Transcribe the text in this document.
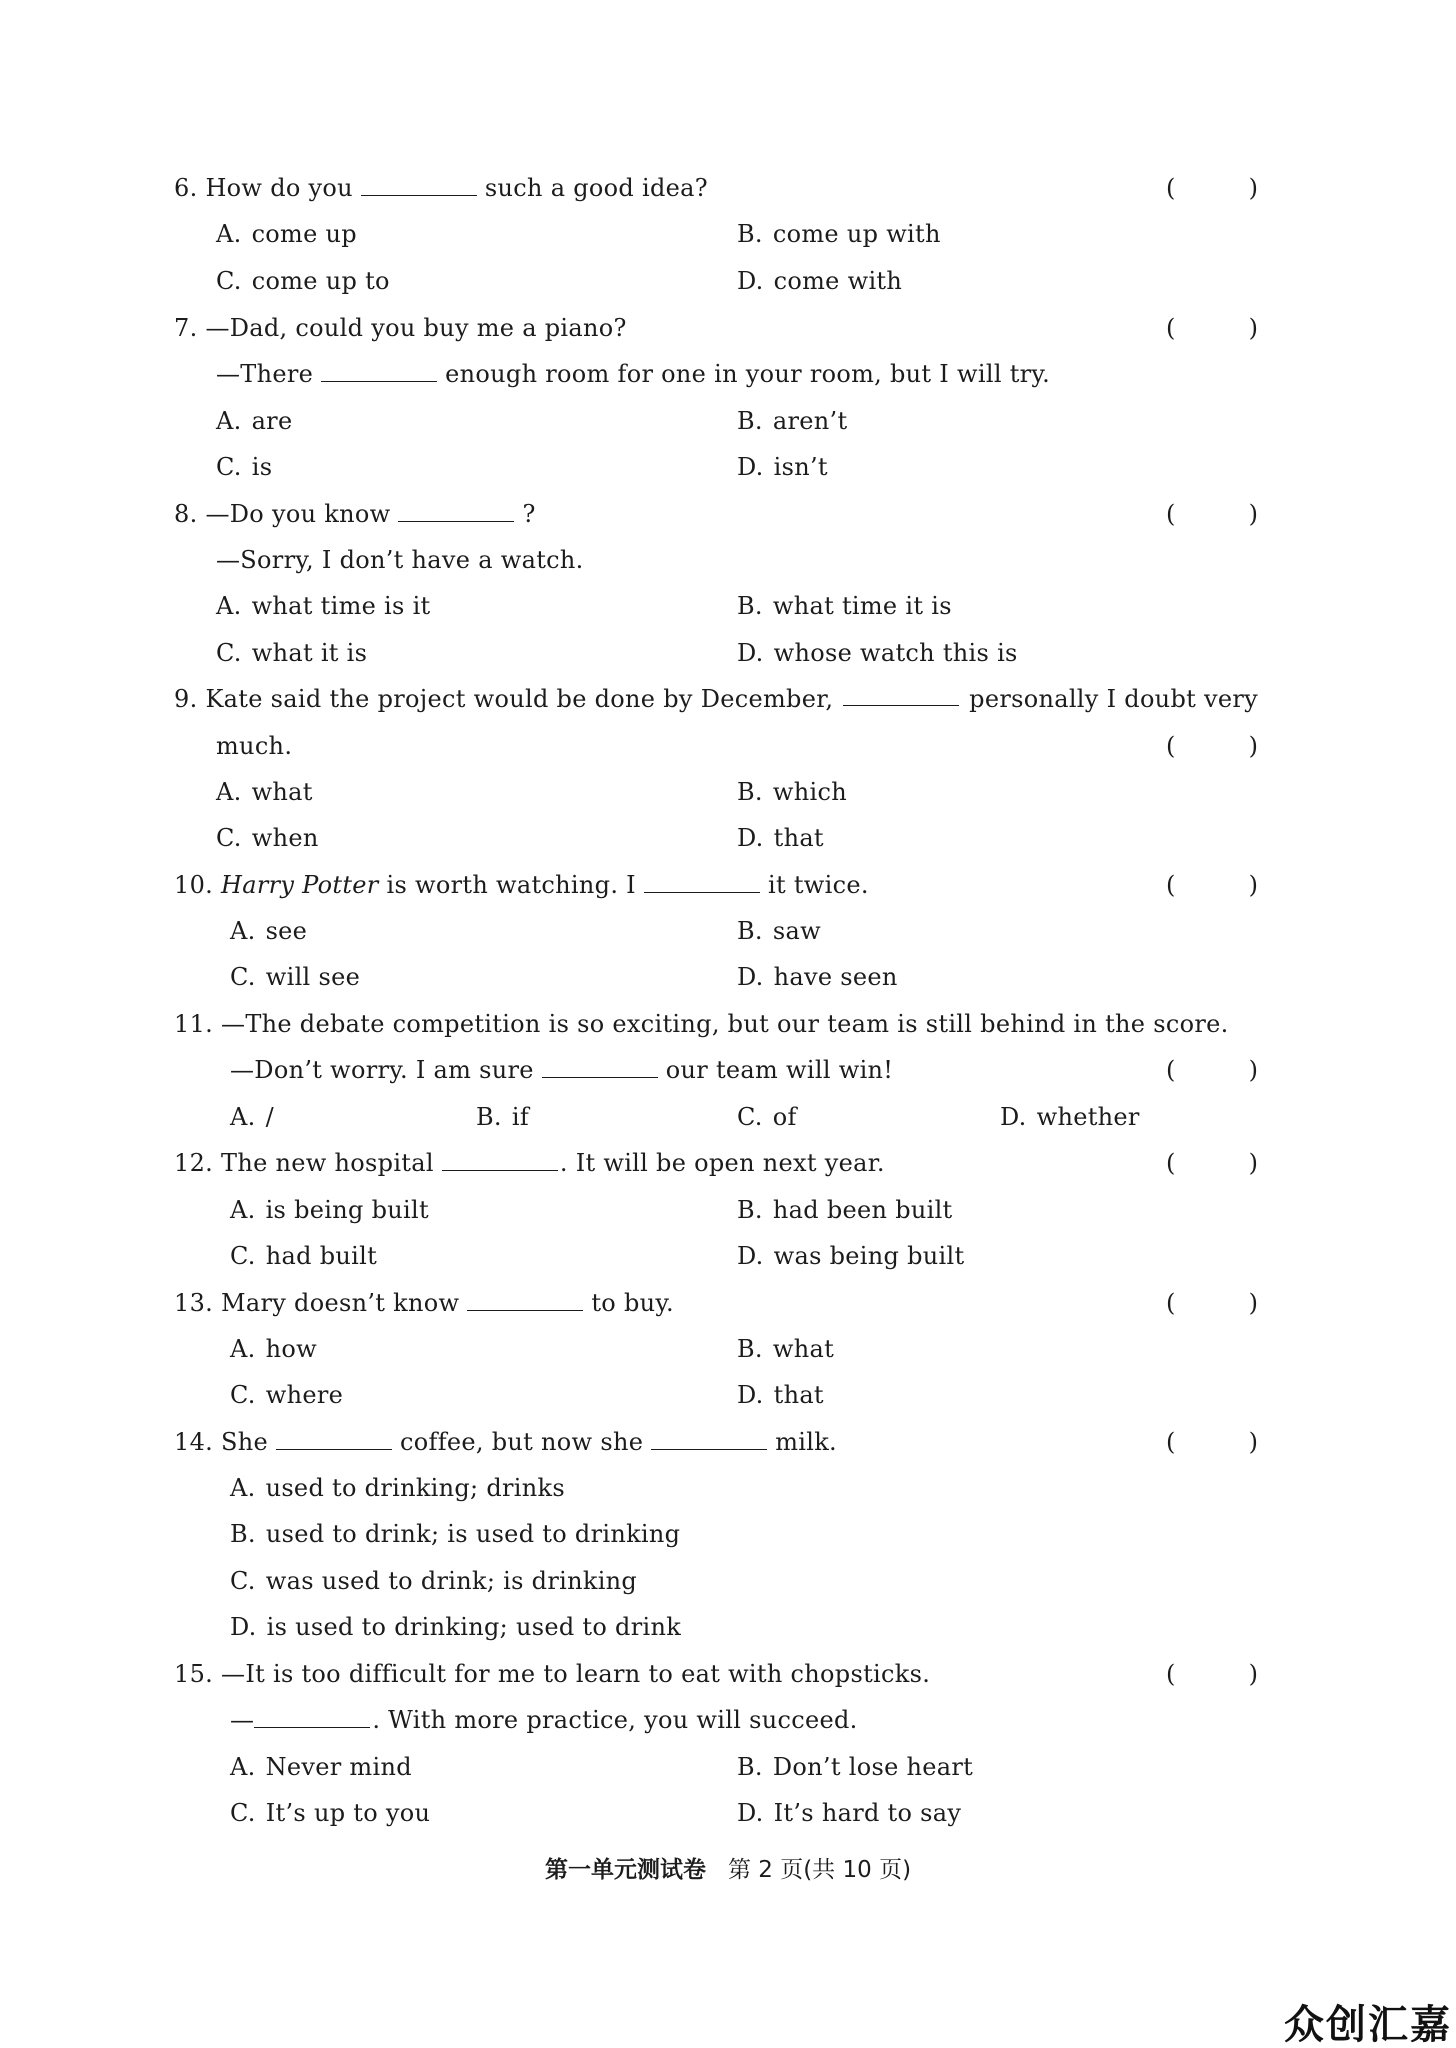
6. How do you	such a good idea?	(	)
A. come up	B. come up with
C. come up to	D. come with
7. —Dad, could you buy me a piano?	(	)
—There	enough room for one in your room, but I will try.
A. are	B. aren’t
C. is	D. isn’t
8. —Do you know	?	(	)
—Sorry, I don’t have a watch.
A. what time is it	B. what time it is
C. what it is	D. whose watch this is
9. Kate said the project would be done by December,	personally I doubt very
much.	(	)
A. what	B. which
C. when	D. that
10. Harry Potter is worth watching. I	it twice.	(	)
A. see	B. saw
C. will see	D. have seen
11. —The debate competition is so exciting, but our team is still behind in the score.
—Don’t worry. I am sure	our team will win!	(	)
A. /	B. if	C. of	D. whether
12. The new hospital	. It will be open next year.	(	)
A. is being built	B. had been built
C. had built	D. was being built
13. Mary doesn’t know	to buy.	(	)
A. how	B. what
C. where	D. that
14. She	coffee, but now she	milk.	(	)
A. used to drinking; drinks
B. used to drink; is used to drinking
C. was used to drink; is drinking
D. is used to drinking; used to drink
15. —It is too difficult for me to learn to eat with chopsticks.	(	)
—	. With more practice, you will succeed.
A. Never mind	B. Don’t lose heart
C. It’s up to you	D. It’s hard to say
第一单元测试卷 第 2 页(共 10 页)
众创汇嘉
